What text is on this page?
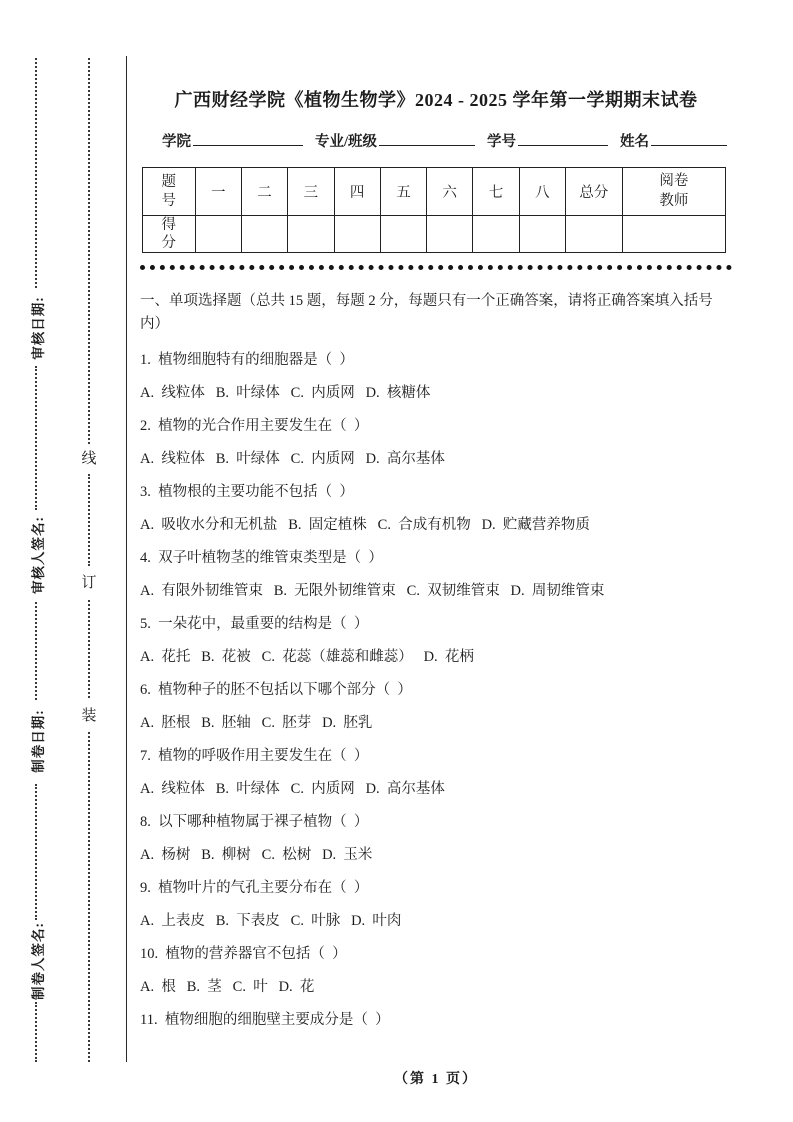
审核日期:
审核人签名:
制卷日期:
制卷人签名:
线
订
装
广西财经学院《植物生物学》2024 - 2025 学年第一学期期末试卷
学院	专业/班级	学号	姓名
题号	一	二	三	四	五	六	七	八	总分	阅卷教师
得分										
一、单项选择题（总共 15 题，每题 2 分，每题只有一个正确答案，请将正确答案填入括号内）
1.  植物细胞特有的细胞器是（  ）
A.  线粒体   B.  叶绿体   C.  内质网   D.  核糖体
2.  植物的光合作用主要发生在（  ）
A.  线粒体   B.  叶绿体   C.  内质网   D.  高尔基体
3.  植物根的主要功能不包括（  ）
A.  吸收水分和无机盐   B.  固定植株   C.  合成有机物   D.  贮藏营养物质
4.  双子叶植物茎的维管束类型是（  ）
A.  有限外韧维管束   B.  无限外韧维管束   C.  双韧维管束   D.  周韧维管束
5.  一朵花中，最重要的结构是（  ）
A.  花托   B.  花被   C.  花蕊（雄蕊和雌蕊）   D.  花柄
6.  植物种子的胚不包括以下哪个部分（  ）
A.  胚根   B.  胚轴   C.  胚芽   D.  胚乳
7.  植物的呼吸作用主要发生在（  ）
A.  线粒体   B.  叶绿体   C.  内质网   D.  高尔基体
8.  以下哪种植物属于裸子植物（  ）
A.  杨树   B.  柳树   C.  松树   D.  玉米
9.  植物叶片的气孔主要分布在（  ）
A.  上表皮   B.  下表皮   C.  叶脉   D.  叶肉
10.  植物的营养器官不包括（  ）
A.  根   B.  茎   C.  叶   D.  花
11.  植物细胞的细胞壁主要成分是（  ）
（第 1 页）
